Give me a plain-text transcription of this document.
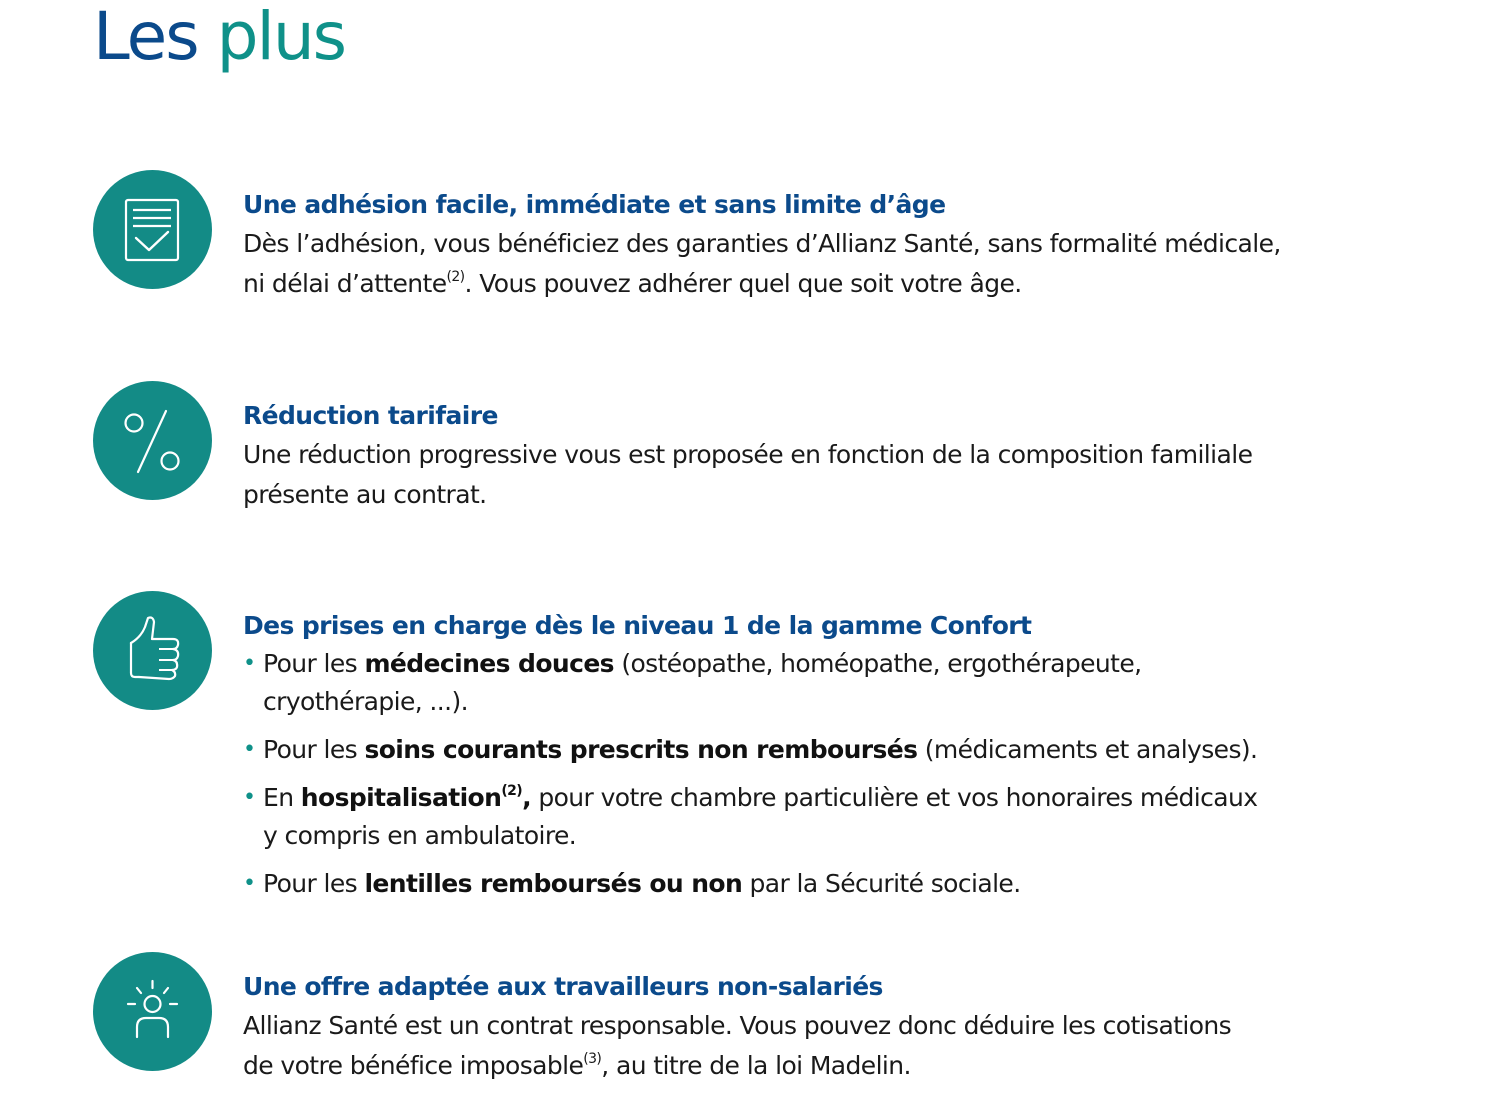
Les plus
Une adhésion facile, immédiate et sans limite d’âge

Dès l’adhésion, vous bénéficiez des garanties d’Allianz Santé, sans formalité médicale,
ni délai d’attente$^{(2)}$. Vous pouvez adhérer quel que soit votre âge.

Réduction tarifaire

Une réduction progressive vous est proposée en fonction de la composition familiale
présente au contrat.

Des prises en charge dès le niveau 1 de la gamme Confort
• Pour les médecines douces (ostéopathe, homéopathe, ergothérapeute,
cryothérapie, ...).
• Pour les soins courants prescrits non remboursés (médicaments et analyses).
• En hospitalisation$^{(2)}$, pour votre chambre particulière et vos honoraires médicaux
y compris en ambulatoire.
• Pour les lentilles remboursés ou non par la Sécurité sociale.
Une offre adaptée aux travailleurs non-salariés

Allianz Santé est un contrat responsable. Vous pouvez donc déduire les cotisations
de votre bénéfice imposable$^{(3)}$, au titre de la loi Madelin.
